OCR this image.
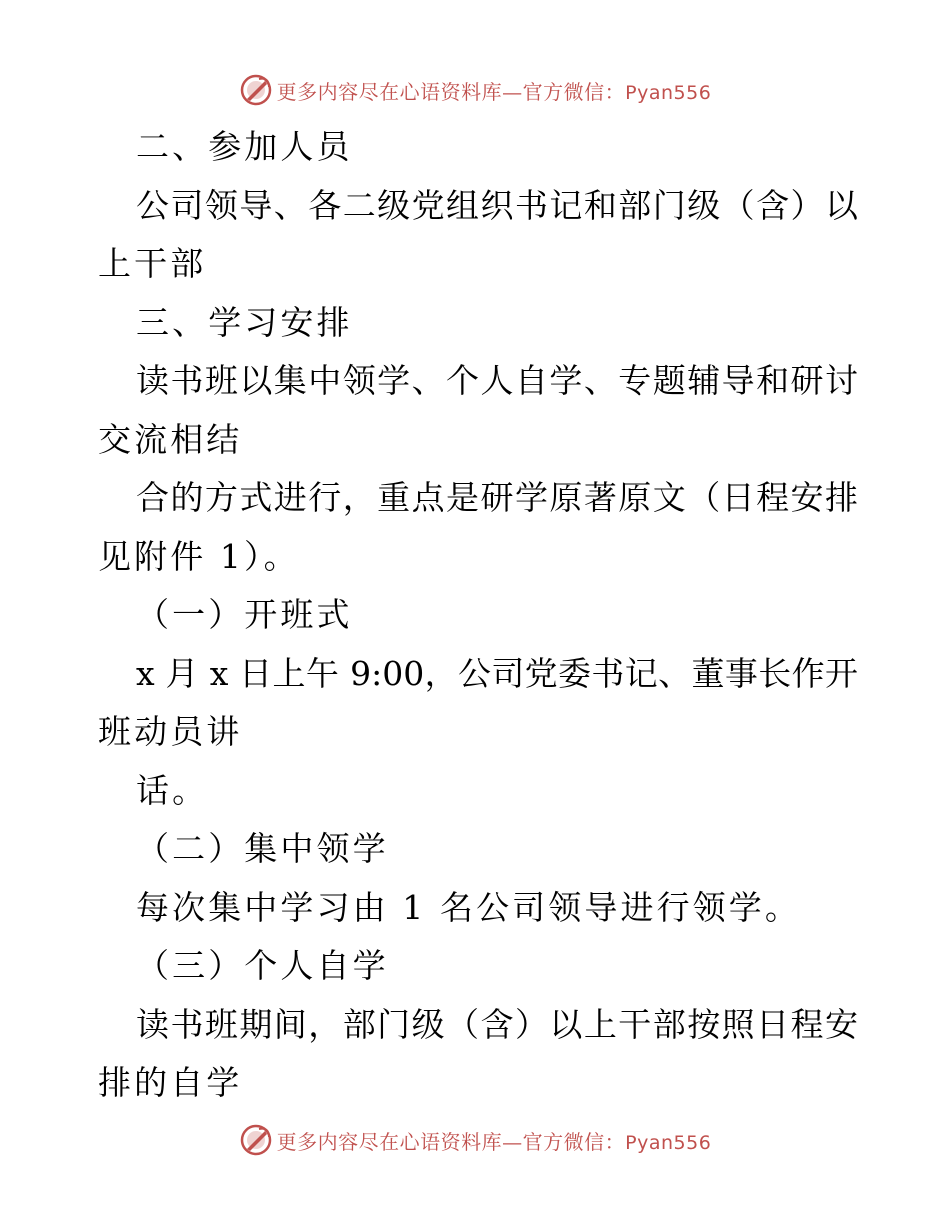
更多内容尽在心语资料库—官方微信：Pyan556
二、参加人员
公司领导、各二级党组织书记和部门级（含）以
上干部
三、学习安排
读书班以集中领学、个人自学、专题辅导和研讨
交流相结
合的方式进行，重点是研学原著原文（日程安排
见附件 1）。
（一）开班式
x 月 x 日上午 9:00，公司党委书记、董事长作开
班动员讲
话。
（二）集中领学
每次集中学习由 1 名公司领导进行领学。
（三）个人自学
读书班期间，部门级（含）以上干部按照日程安
排的自学
更多内容尽在心语资料库—官方微信：Pyan556
